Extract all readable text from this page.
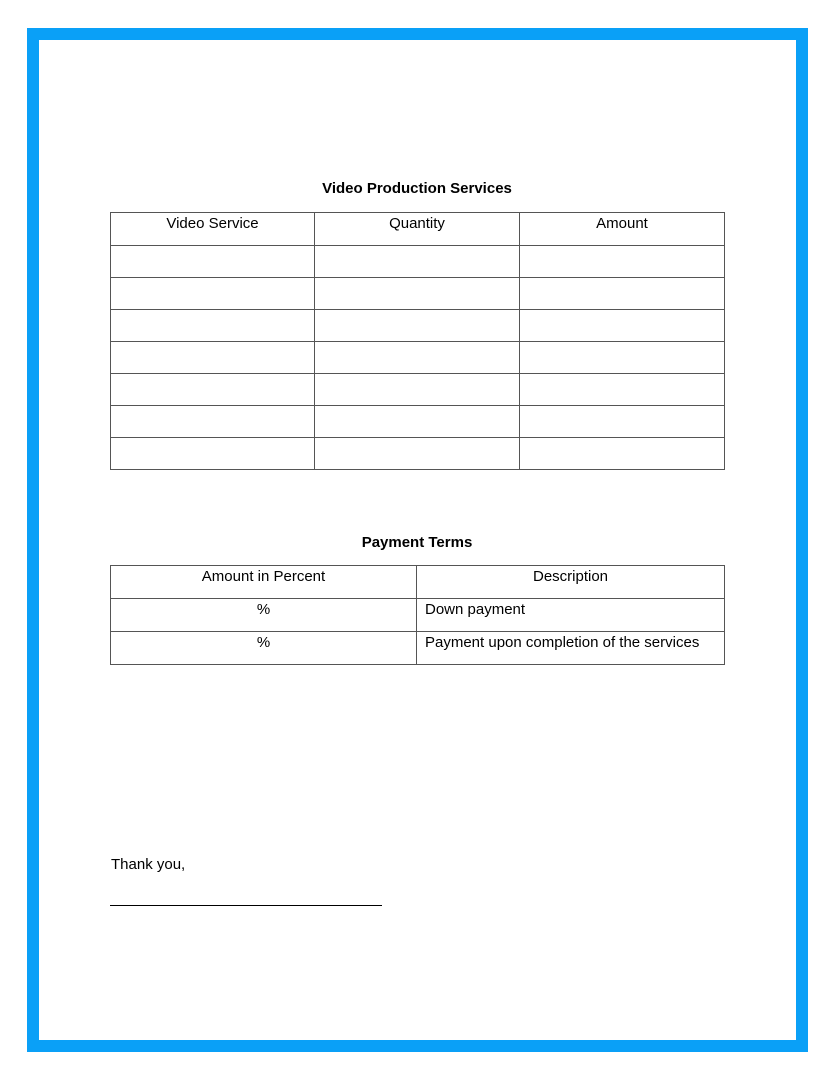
Video Production Services
Video Service	Quantity	Amount

Payment Terms
Amount in Percent	Description
%	Down payment
%	Payment upon completion of the services
Thank you,
